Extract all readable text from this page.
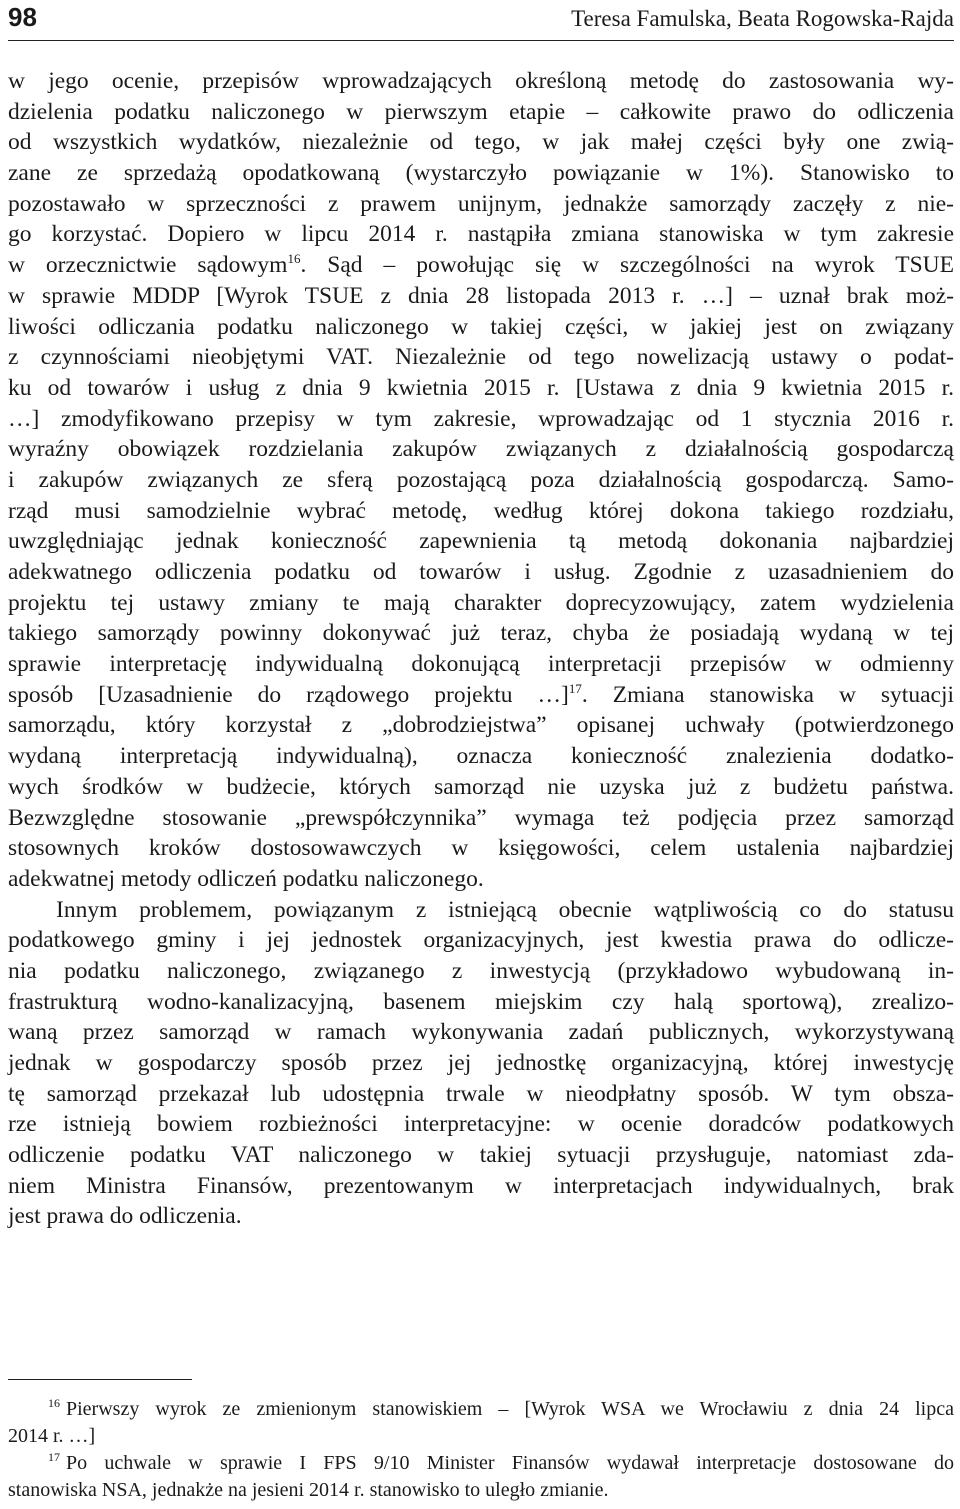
98	Teresa Famulska, Beata Rogowska-Rajda
w jego ocenie, przepisów wprowadzających określoną metodę do zastosowania wy-
dzielenia podatku naliczonego w pierwszym etapie – całkowite prawo do odliczenia
od wszystkich wydatków, niezależnie od tego, w jak małej części były one zwią-
zane ze sprzedażą opodatkowaną (wystarczyło powiązanie w 1%). Stanowisko to
pozostawało w sprzeczności z prawem unijnym, jednakże samorządy zaczęły z nie-
go korzystać. Dopiero w lipcu 2014 r. nastąpiła zmiana stanowiska w tym zakresie
w orzecznictwie sądowym$^{16}$. Sąd – powołując się w szczególności na wyrok TSUE
w sprawie MDDP [Wyrok TSUE z dnia 28 listopada 2013 r. …] – uznał brak moż-
liwości odliczania podatku naliczonego w takiej części, w jakiej jest on związany
z czynnościami nieobjętymi VAT. Niezależnie od tego nowelizacją ustawy o podat-
ku od towarów i usług z dnia 9 kwietnia 2015 r. [Ustawa z dnia 9 kwietnia 2015 r.
…] zmodyfikowano przepisy w tym zakresie, wprowadzając od 1 stycznia 2016 r.
wyraźny obowiązek rozdzielania zakupów związanych z działalnością gospodarczą
i zakupów związanych ze sferą pozostającą poza działalnością gospodarczą. Samo-
rząd musi samodzielnie wybrać metodę, według której dokona takiego rozdziału,
uwzględniając jednak konieczność zapewnienia tą metodą dokonania najbardziej
adekwatnego odliczenia podatku od towarów i usług. Zgodnie z uzasadnieniem do
projektu tej ustawy zmiany te mają charakter doprecyzowujący, zatem wydzielenia
takiego samorządy powinny dokonywać już teraz, chyba że posiadają wydaną w tej
sprawie interpretację indywidualną dokonującą interpretacji przepisów w odmienny
sposób [Uzasadnienie do rządowego projektu …]$^{17}$. Zmiana stanowiska w sytuacji
samorządu, który korzystał z „dobrodziejstwa” opisanej uchwały (potwierdzonego
wydaną interpretacją indywidualną), oznacza konieczność znalezienia dodatko-
wych środków w budżecie, których samorząd nie uzyska już z budżetu państwa.
Bezwzględne stosowanie „prewspółczynnika” wymaga też podjęcia przez samorząd
stosownych kroków dostosowawczych w księgowości, celem ustalenia najbardziej
adekwatnej metody odliczeń podatku naliczonego.
Innym problemem, powiązanym z istniejącą obecnie wątpliwością co do statusu
podatkowego gminy i jej jednostek organizacyjnych, jest kwestia prawa do odlicze-
nia podatku naliczonego, związanego z inwestycją (przykładowo wybudowaną in-
frastrukturą wodno-kanalizacyjną, basenem miejskim czy halą sportową), zrealizo-
waną przez samorząd w ramach wykonywania zadań publicznych, wykorzystywaną
jednak w gospodarczy sposób przez jej jednostkę organizacyjną, której inwestycję
tę samorząd przekazał lub udostępnia trwale w nieodpłatny sposób. W tym obsza-
rze istnieją bowiem rozbieżności interpretacyjne: w ocenie doradców podatkowych
odliczenie podatku VAT naliczonego w takiej sytuacji przysługuje, natomiast zda-
niem Ministra Finansów, prezentowanym w interpretacjach indywidualnych, brak
jest prawa do odliczenia.
$^{16}$ Pierwszy wyrok ze zmienionym stanowiskiem – [Wyrok WSA we Wrocławiu z dnia 24 lipca
2014 r. …]
$^{17}$ Po uchwale w sprawie I FPS 9/10 Minister Finansów wydawał interpretacje dostosowane do
stanowiska NSA, jednakże na jesieni 2014 r. stanowisko to uległo zmianie.
